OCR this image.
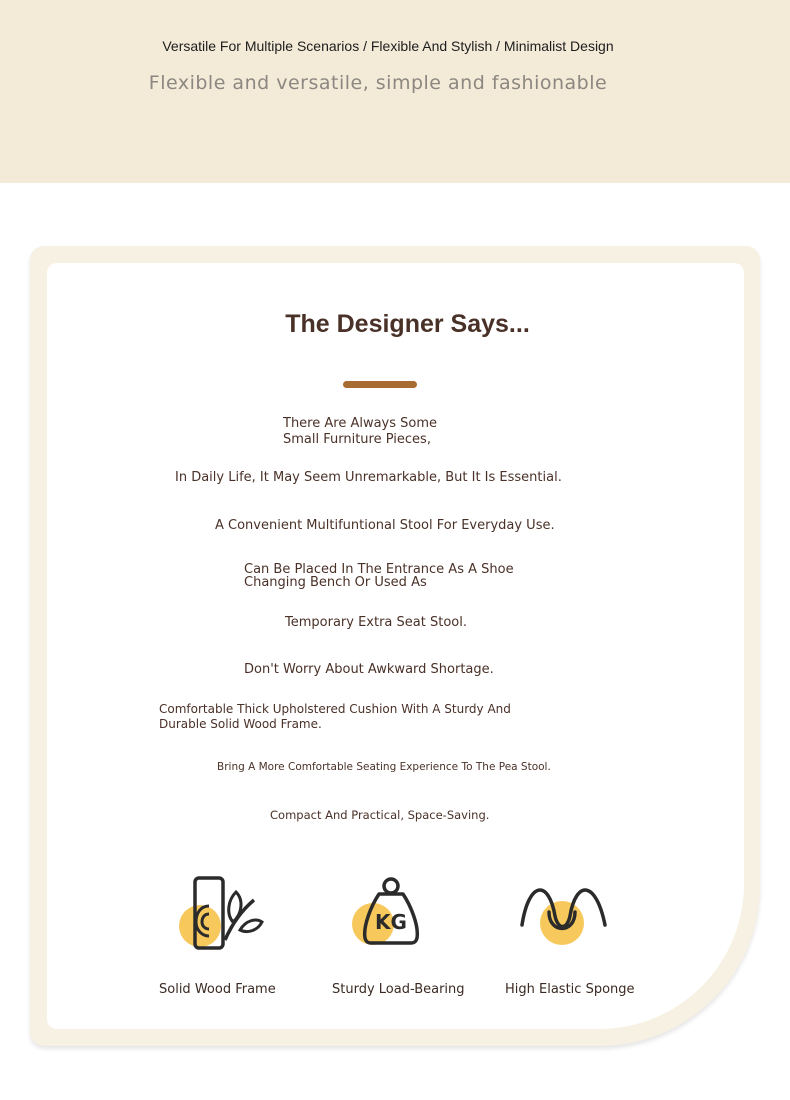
Versatile For Multiple Scenarios / Flexible And Stylish / Minimalist Design

Flexible and versatile, simple and fashionable

The Designer Says...

There Are Always Some
Small Furniture Pieces,

In Daily Life, It May Seem Unremarkable, But It Is Essential.

A Convenient Multifuntional Stool For Everyday Use.

Can Be Placed In The Entrance As A Shoe
Changing Bench Or Used As

Temporary Extra Seat Stool.

Don't Worry About Awkward Shortage.

Comfortable Thick Upholstered Cushion With A Sturdy And
Durable Solid Wood Frame.

Bring A More Comfortable Seating Experience To The Pea Stool.

Compact And Practical, Space-Saving.

Solid Wood Frame

KG

Sturdy Load-Bearing	High Elastic Sponge
